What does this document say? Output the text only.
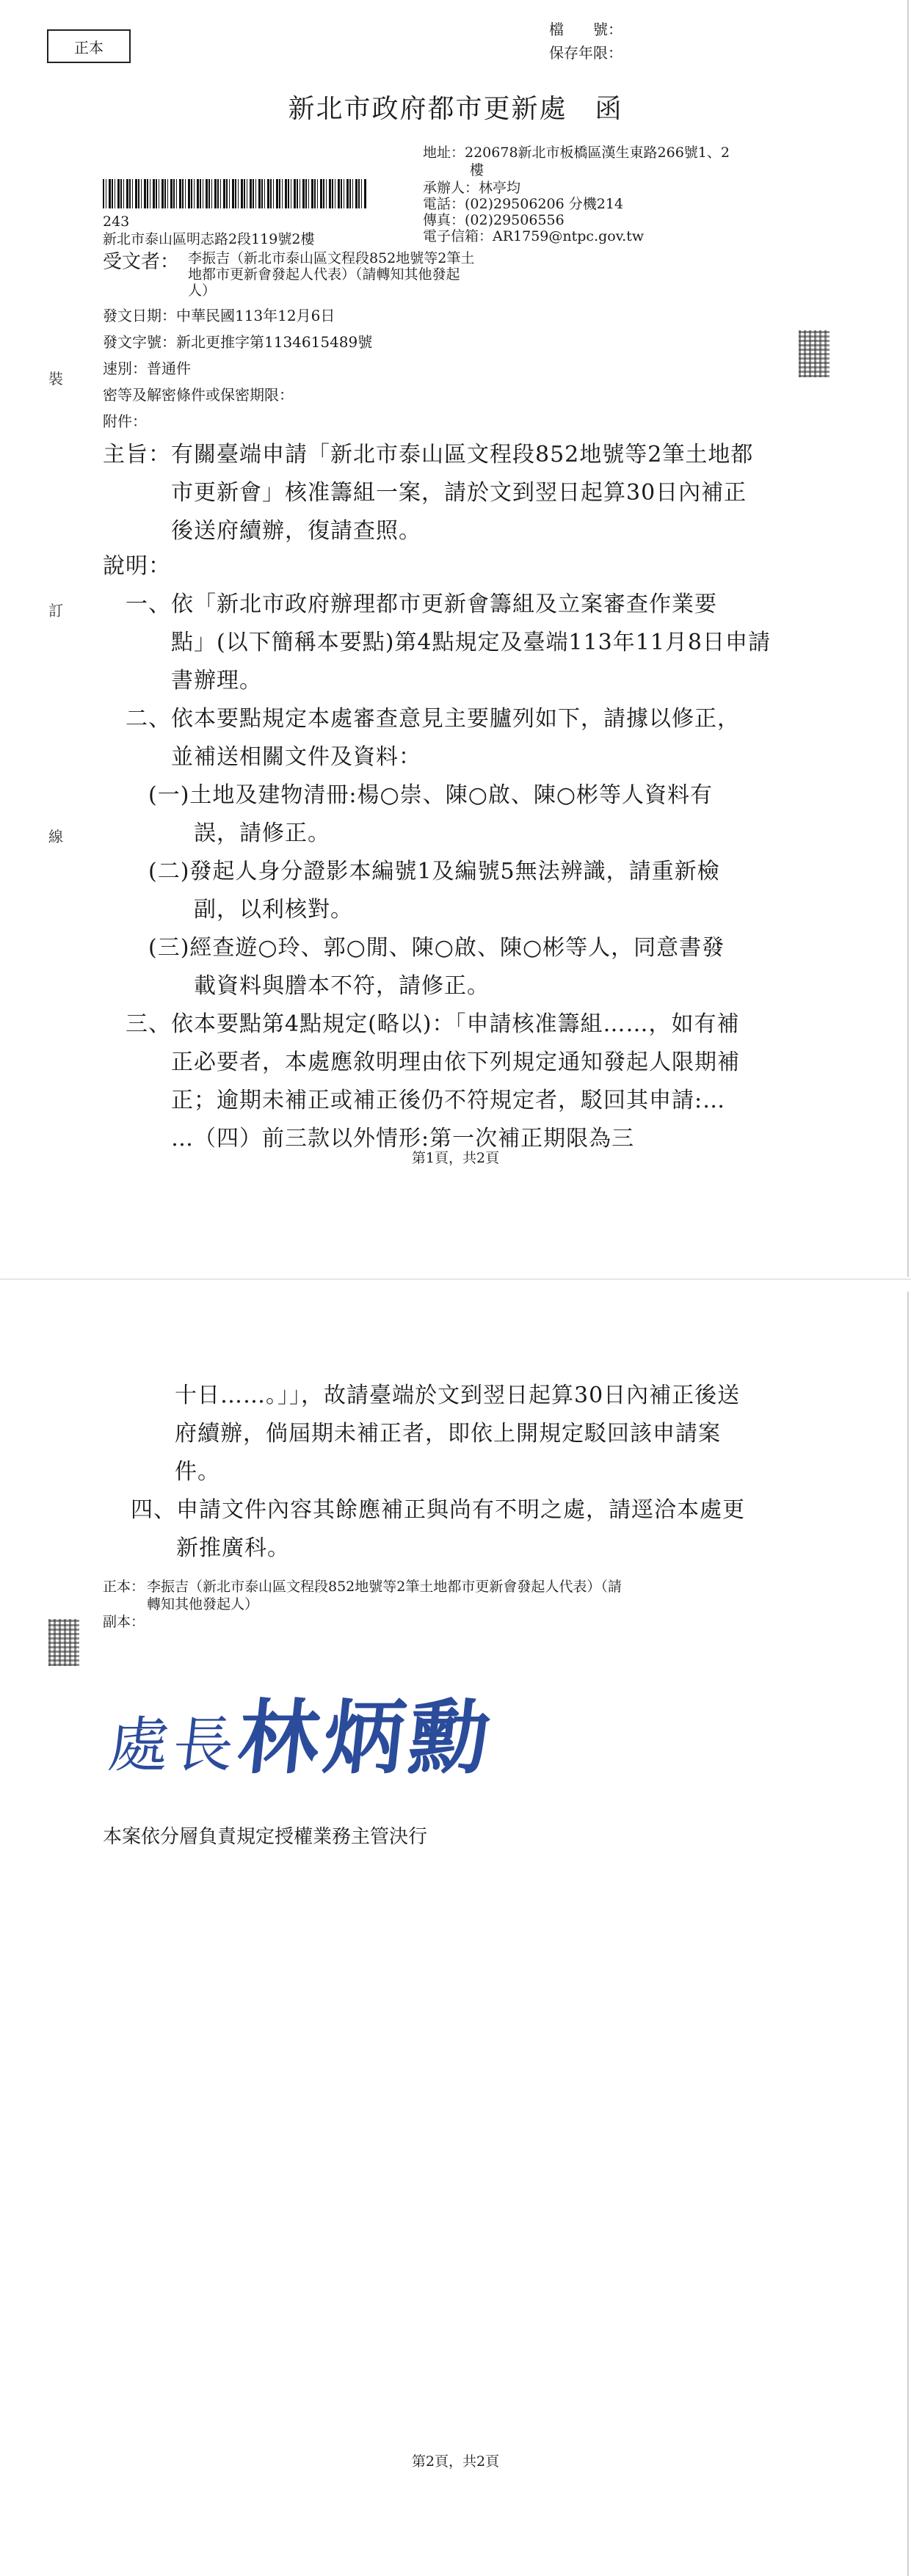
正本
檔　　號：
保存年限：
新北市政府都市更新處　函
地址：220678新北市板橋區漢生東路266號1、2
樓
承辦人：林亭均
電話：(02)29506206 分機214
傳真：(02)29506556
電子信箱：AR1759@ntpc.gov.tw
243
新北市泰山區明志路2段119號2樓
受文者： 李振吉（新北市泰山區文程段852地號等2筆土
地都市更新會發起人代表）（請轉知其他發起
人）
發文日期：中華民國113年12月6日
發文字號：新北更推字第1134615489號
速別：普通件
密等及解密條件或保密期限：
附件：
裝
訂
線
主旨：有關臺端申請「新北市泰山區文程段852地號等2筆土地都
　　　市更新會」核准籌組一案，請於文到翌日起算30日內補正
　　　後送府續辦，復請查照。
說明：
　一、依「新北市政府辦理都市更新會籌組及立案審查作業要
　　　點」(以下簡稱本要點)第4點規定及臺端113年11月8日申請
　　　書辦理。
　二、依本要點規定本處審查意見主要臚列如下，請據以修正，
　　　並補送相關文件及資料：
　　(一)土地及建物清冊:楊○崇、陳○啟、陳○彬等人資料有
　　　　誤，請修正。
　　(二)發起人身分證影本編號1及編號5無法辨識，請重新檢
　　　　副，以利核對。
　　(三)經查遊○玲、郭○閒、陳○啟、陳○彬等人，同意書發
　　　　載資料與謄本不符，請修正。
　三、依本要點第4點規定(略以)：「申請核准籌組……，如有補
　　　正必要者，本處應敘明理由依下列規定通知發起人限期補
　　　正；逾期未補正或補正後仍不符規定者，駁回其申請:…
　　　…（四）前三款以外情形:第一次補正期限為三
第1頁，共2頁
十日……。」」，故請臺端於文到翌日起算30日內補正後送
府續辦，倘屆期未補正者，即依上開規定駁回該申請案
件。
四、申請文件內容其餘應補正與尚有不明之處，請逕洽本處更
　　新推廣科。
正本： 李振吉（新北市泰山區文程段852地號等2筆土地都市更新會發起人代表）（請
轉知其他發起人）
副本：
處長林炳勳
本案依分層負責規定授權業務主管決行
第2頁，共2頁
